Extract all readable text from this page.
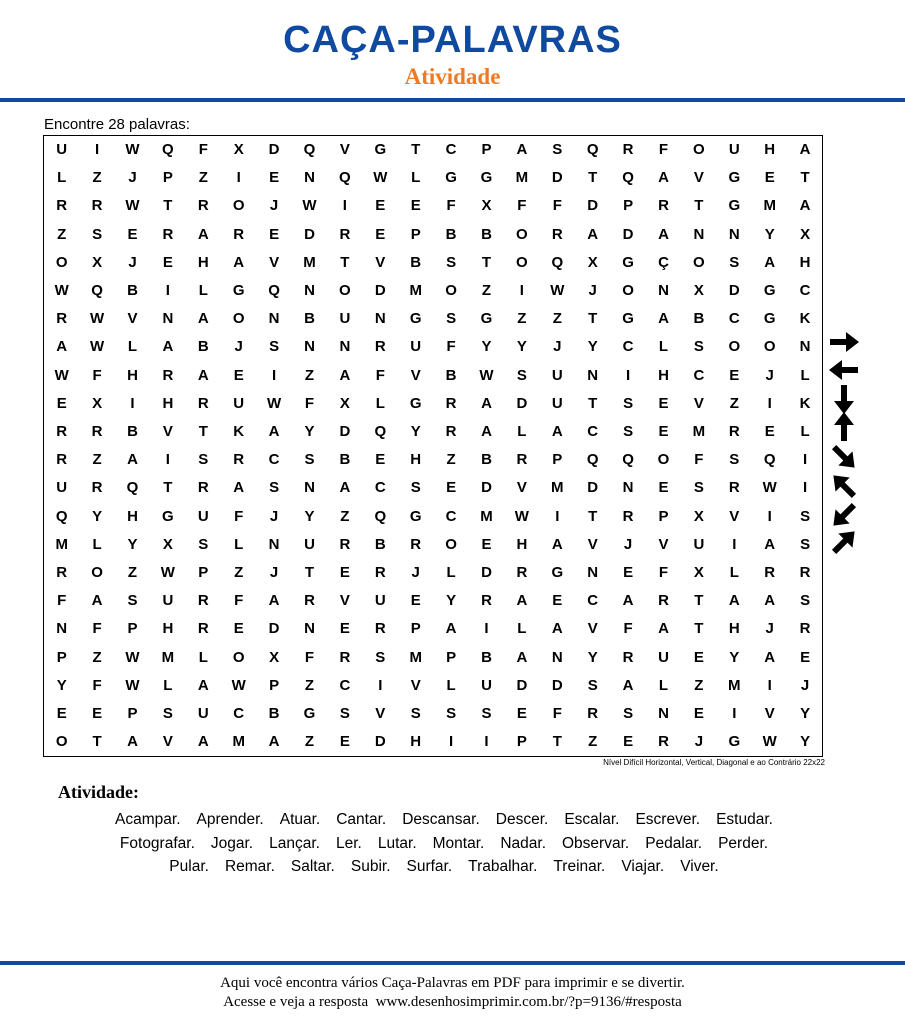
CAÇA-PALAVRAS
Atividade
Encontre 28 palavras:
U	I	W	Q	F	X	D	Q	V	G	T	C	P	A	S	Q	R	F	O	U	H	A
L	Z	J	P	Z	I	E	N	Q	W	L	G	G	M	D	T	Q	A	V	G	E	T
R	R	W	T	R	O	J	W	I	E	E	F	X	F	F	D	P	R	T	G	M	A
Z	S	E	R	A	R	E	D	R	E	P	B	B	O	R	A	D	A	N	N	Y	X
O	X	J	E	H	A	V	M	T	V	B	S	T	O	Q	X	G	Ç	O	S	A	H
W	Q	B	I	L	G	Q	N	O	D	M	O	Z	I	W	J	O	N	X	D	G	C
R	W	V	N	A	O	N	B	U	N	G	S	G	Z	Z	T	G	A	B	C	G	K
A	W	L	A	B	J	S	N	N	R	U	F	Y	Y	J	Y	C	L	S	O	O	N
W	F	H	R	A	E	I	Z	A	F	V	B	W	S	U	N	I	H	C	E	J	L
E	X	I	H	R	U	W	F	X	L	G	R	A	D	U	T	S	E	V	Z	I	K
R	R	B	V	T	K	A	Y	D	Q	Y	R	A	L	A	C	S	E	M	R	E	L
R	Z	A	I	S	R	C	S	B	E	H	Z	B	R	P	Q	Q	O	F	S	Q	I
U	R	Q	T	R	A	S	N	A	C	S	E	D	V	M	D	N	E	S	R	W	I
Q	Y	H	G	U	F	J	Y	Z	Q	G	C	M	W	I	T	R	P	X	V	I	S
M	L	Y	X	S	L	N	U	R	B	R	O	E	H	A	V	J	V	U	I	A	S
R	O	Z	W	P	Z	J	T	E	R	J	L	D	R	G	N	E	F	X	L	R	R
F	A	S	U	R	F	A	R	V	U	E	Y	R	A	E	C	A	R	T	A	A	S
N	F	P	H	R	E	D	N	E	R	P	A	I	L	A	V	F	A	T	H	J	R
P	Z	W	M	L	O	X	F	R	S	M	P	B	A	N	Y	R	U	E	Y	A	E
Y	F	W	L	A	W	P	Z	C	I	V	L	U	D	D	S	A	L	Z	M	I	J
E	E	P	S	U	C	B	G	S	V	S	S	S	E	F	R	S	N	E	I	V	Y
O	T	A	V	A	M	A	Z	E	D	H	I	I	P	T	Z	E	R	J	G	W	Y
Nível Difícil Horizontal, Vertical, Diagonal e ao Contrário 22x22
Atividade:
Acampar. Aprender. Atuar. Cantar. Descansar. Descer. Escalar. Escrever. Estudar.
Fotografar. Jogar. Lançar. Ler. Lutar. Montar. Nadar. Observar. Pedalar. Perder.
Pular. Remar. Saltar. Subir. Surfar. Trabalhar. Treinar. Viajar. Viver.
Aqui você encontra vários Caça-Palavras em PDF para imprimir e se divertir.
Acesse e veja a resposta  www.desenhosimprimir.com.br/?p=9136/#resposta
